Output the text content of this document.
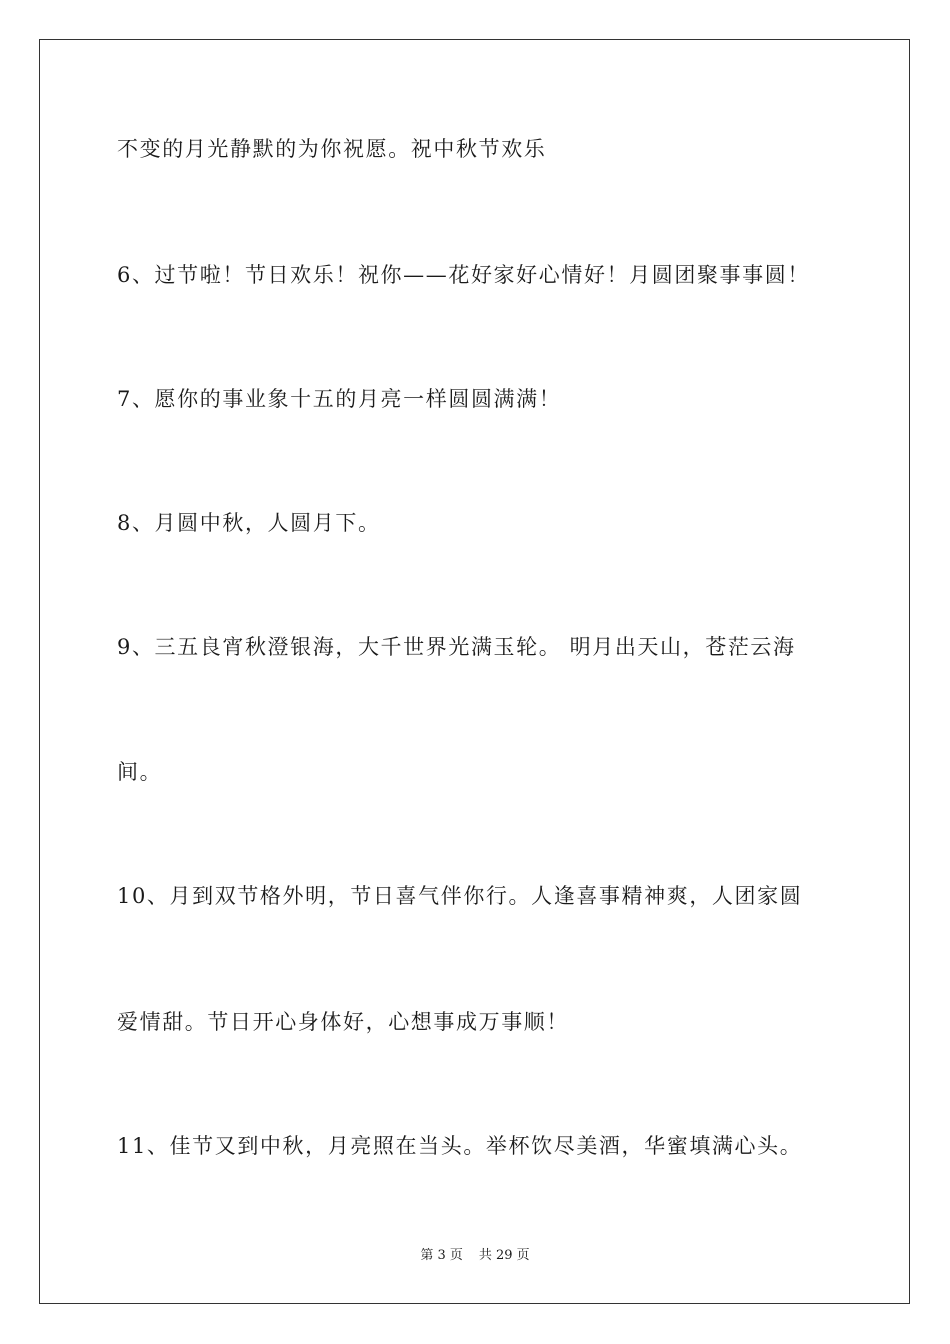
不变的月光静默的为你祝愿。祝中秋节欢乐
6、过节啦！节日欢乐！祝你——花好家好心情好！月圆团聚事事圆！
7、愿你的事业象十五的月亮一样圆圆满满！
8、月圆中秋，人圆月下。
9、三五良宵秋澄银海，大千世界光满玉轮。 明月出天山，苍茫云海
间。
10、月到双节格外明，节日喜气伴你行。人逢喜事精神爽，人团家圆
爱情甜。节日开心身体好，心想事成万事顺！
11、佳节又到中秋，月亮照在当头。举杯饮尽美酒，华蜜填满心头。
第 3 页 共 29 页
